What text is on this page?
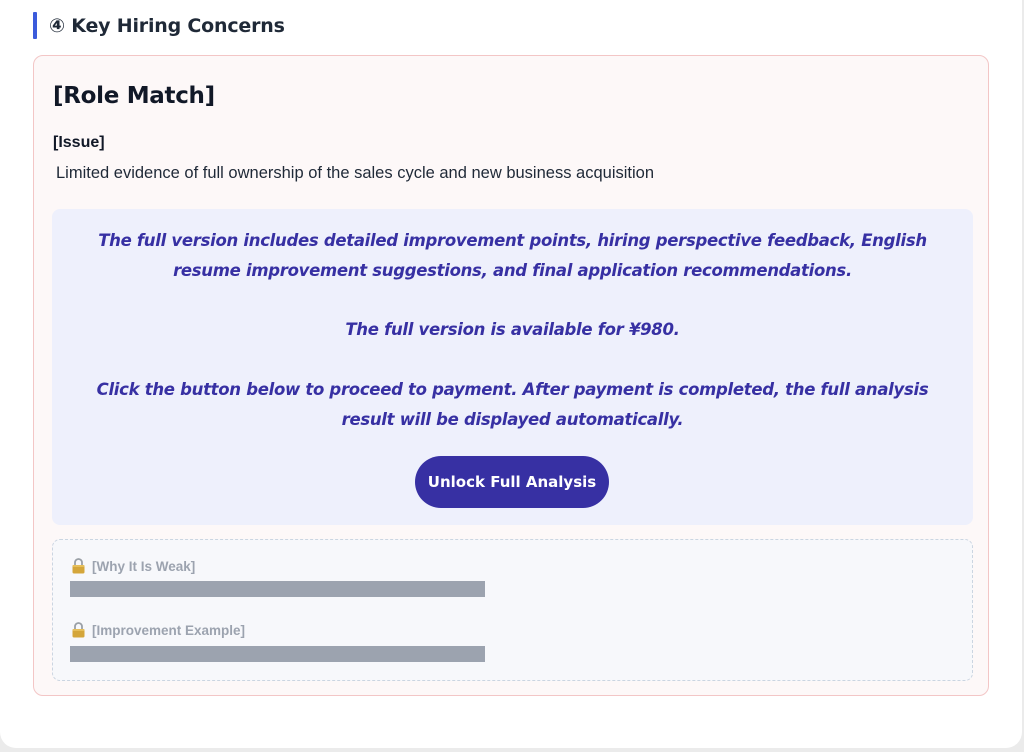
④ Key Hiring Concerns
[Role Match]
[Issue]
Limited evidence of full ownership of the sales cycle and new business acquisition

The full version includes detailed improvement points, hiring perspective feedback, English resume improvement suggestions, and final application recommendations.

The full version is available for ¥980.

Click the button below to proceed to payment. After payment is completed, the full analysis result will be displayed automatically.

Unlock Full Analysis
[Why It Is Weak]
[Improvement Example]
